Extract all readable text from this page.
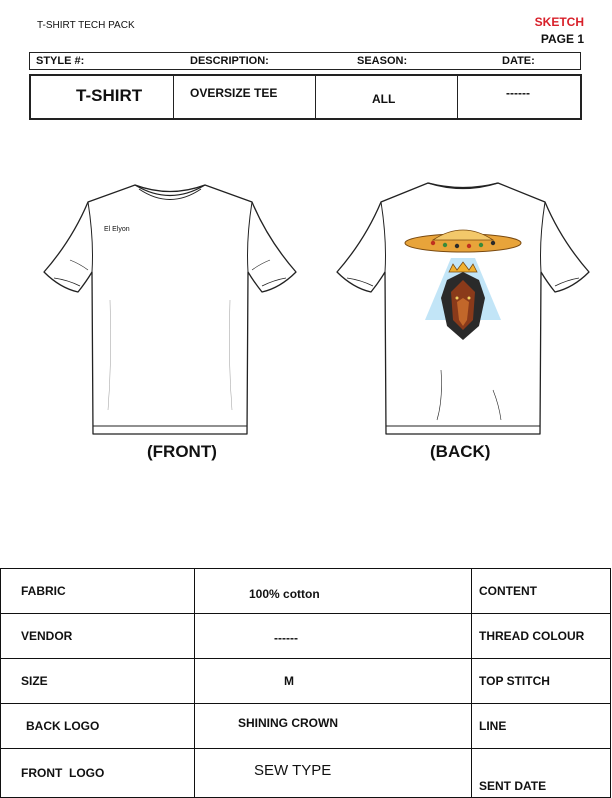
T-SHIRT TECH PACK	SKETCH
PAGE 1
STYLE #:	DESCRIPTION:	SEASON:	DATE:
T-SHIRT	OVERSIZE TEE	ALL	------
El Elyon
(FRONT)	(BACK)
FABRIC	100% cotton	CONTENT
VENDOR	------	THREAD COLOUR
SIZE	M	TOP STITCH
BACK LOGO	SHINING CROWN	LINE
FRONT  LOGO	SEW TYPE	SENT DATE
